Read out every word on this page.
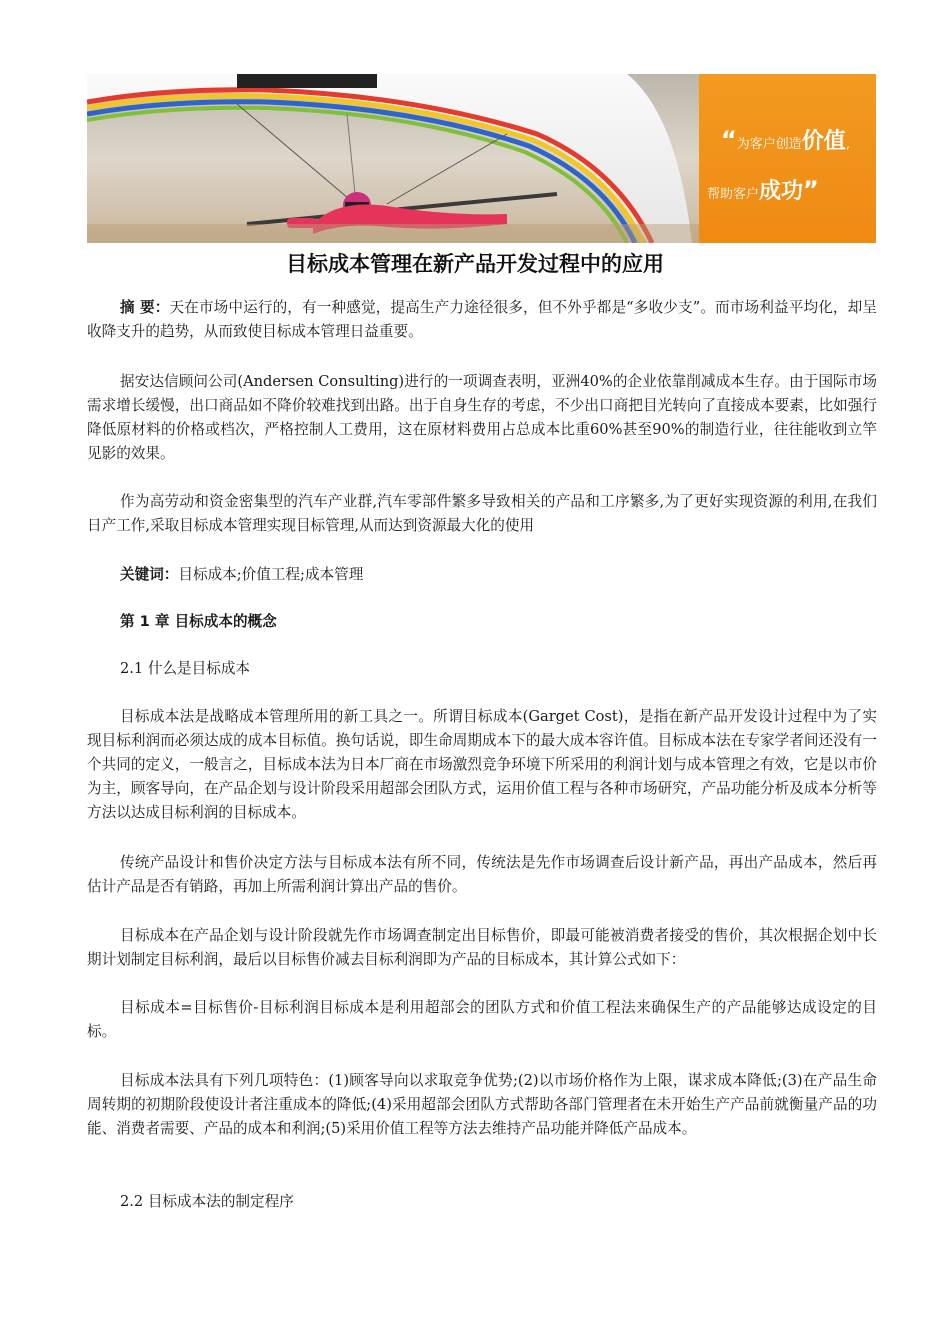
“为客户创造价值,
帮助客户成功”
目标成本管理在新产品开发过程中的应用

摘 要：天在市场中运行的，有一种感觉，提高生产力途径很多，但不外乎都是“多收少支”。而市场利益平均化，却呈收降支升的趋势，从而致使目标成本管理日益重要。

据安达信顾问公司(Andersen Consulting)进行的一项调查表明，亚洲40%的企业依靠削减成本生存。由于国际市场需求增长缓慢，出口商品如不降价较难找到出路。出于自身生存的考虑，不少出口商把目光转向了直接成本要素，比如强行降低原材料的价格或档次，严格控制人工费用，这在原材料费用占总成本比重60%甚至90%的制造行业，往往能收到立竿见影的效果。

作为高劳动和资金密集型的汽车产业群,汽车零部件繁多导致相关的产品和工序繁多,为了更好实现资源的利用,在我们日产工作,采取目标成本管理实现目标管理,从而达到资源最大化的使用

关键词：目标成本;价值工程;成本管理

第 1 章 目标成本的概念
2.1 什么是目标成本

目标成本法是战略成本管理所用的新工具之一。所谓目标成本(Garget Cost)，是指在新产品开发设计过程中为了实现目标利润而必须达成的成本目标值。换句话说，即生命周期成本下的最大成本容许值。目标成本法在专家学者间还没有一个共同的定义，一般言之，目标成本法为日本厂商在市场激烈竞争环境下所采用的利润计划与成本管理之有效，它是以市价为主，顾客导向，在产品企划与设计阶段采用超部会团队方式，运用价值工程与各种市场研究，产品功能分析及成本分析等方法以达成目标利润的目标成本。

传统产品设计和售价决定方法与目标成本法有所不同，传统法是先作市场调查后设计新产品，再出产品成本，然后再估计产品是否有销路，再加上所需利润计算出产品的售价。

目标成本在产品企划与设计阶段就先作市场调查制定出目标售价，即最可能被消费者接受的售价，其次根据企划中长期计划制定目标利润，最后以目标售价减去目标利润即为产品的目标成本，其计算公式如下：

目标成本=目标售价-目标利润目标成本是利用超部会的团队方式和价值工程法来确保生产的产品能够达成设定的目标。

目标成本法具有下列几项特色：(1)顾客导向以求取竞争优势;(2)以市场价格作为上限，谋求成本降低;(3)在产品生命周转期的初期阶段使设计者注重成本的降低;(4)采用超部会团队方式帮助各部门管理者在未开始生产产品前就衡量产品的功能、消费者需要、产品的成本和利润;(5)采用价值工程等方法去维持产品功能并降低产品成本。

2.2 目标成本法的制定程序
